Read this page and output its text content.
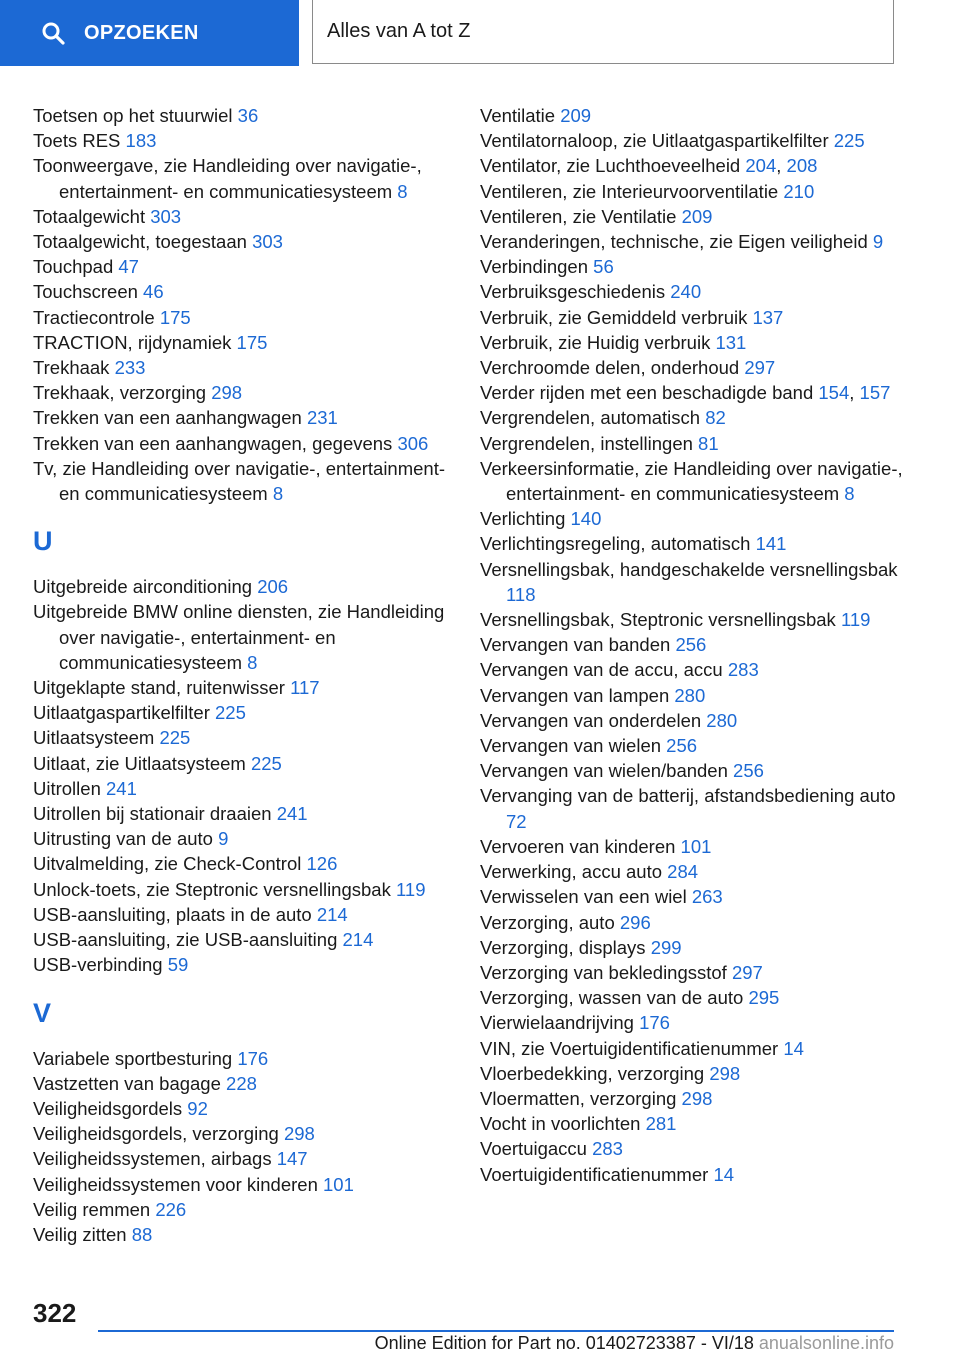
OPZOEKEN	Alles van A tot Z
Toetsen op het stuurwiel 36
Toets RES 183
Toonweergave, zie Handleiding over navigatie-, entertainment- en communicatiesysteem 8
Totaalgewicht 303
Totaalgewicht, toegestaan 303
Touchpad 47
Touchscreen 46
Tractiecontrole 175
TRACTION, rijdynamiek 175
Trekhaak 233
Trekhaak, verzorging 298
Trekken van een aanhangwagen 231
Trekken van een aanhangwagen, gegevens 306
Tv, zie Handleiding over navigatie-, entertainment- en communicatiesysteem 8
U
Uitgebreide airconditioning 206
Uitgebreide BMW online diensten, zie Handleiding over navigatie-, entertainment- en communicatiesysteem 8
Uitgeklapte stand, ruitenwisser 117
Uitlaatgaspartikelfilter 225
Uitlaatsysteem 225
Uitlaat, zie Uitlaatsysteem 225
Uitrollen 241
Uitrollen bij stationair draaien 241
Uitrusting van de auto 9
Uitvalmelding, zie Check-Control 126
Unlock-toets, zie Steptronic versnellingsbak 119
USB-aansluiting, plaats in de auto 214
USB-aansluiting, zie USB-aansluiting 214
USB-verbinding 59
V
Variabele sportbesturing 176
Vastzetten van bagage 228
Veiligheidsgordels 92
Veiligheidsgordels, verzorging 298
Veiligheidssystemen, airbags 147
Veiligheidssystemen voor kinderen 101
Veilig remmen 226
Veilig zitten 88
Ventilatie 209
Ventilatornaloop, zie Uitlaatgaspartikelfilter 225
Ventilator, zie Luchthoeveelheid 204, 208
Ventileren, zie Interieurvoorventilatie 210
Ventileren, zie Ventilatie 209
Veranderingen, technische, zie Eigen veiligheid 9
Verbindingen 56
Verbruiksgeschiedenis 240
Verbruik, zie Gemiddeld verbruik 137
Verbruik, zie Huidig verbruik 131
Verchroomde delen, onderhoud 297
Verder rijden met een beschadigde band 154, 157
Vergrendelen, automatisch 82
Vergrendelen, instellingen 81
Verkeersinformatie, zie Handleiding over navigatie-, entertainment- en communicatiesysteem 8
Verlichting 140
Verlichtingsregeling, automatisch 141
Versnellingsbak, handgeschakelde versnellingsbak 118
Versnellingsbak, Steptronic versnellingsbak 119
Vervangen van banden 256
Vervangen van de accu, accu 283
Vervangen van lampen 280
Vervangen van onderdelen 280
Vervangen van wielen 256
Vervangen van wielen/banden 256
Vervanging van de batterij, afstandsbediening auto 72
Vervoeren van kinderen 101
Verwerking, accu auto 284
Verwisselen van een wiel 263
Verzorging, auto 296
Verzorging, displays 299
Verzorging van bekledingsstof 297
Verzorging, wassen van de auto 295
Vierwielaandrijving 176
VIN, zie Voertuigidentificatienummer 14
Vloerbedekking, verzorging 298
Vloermatten, verzorging 298
Vocht in voorlichten 281
Voertuigaccu 283
Voertuigidentificatienummer 14
322
Online Edition for Part no. 01402723387 - VI/18 anualsonline.info
